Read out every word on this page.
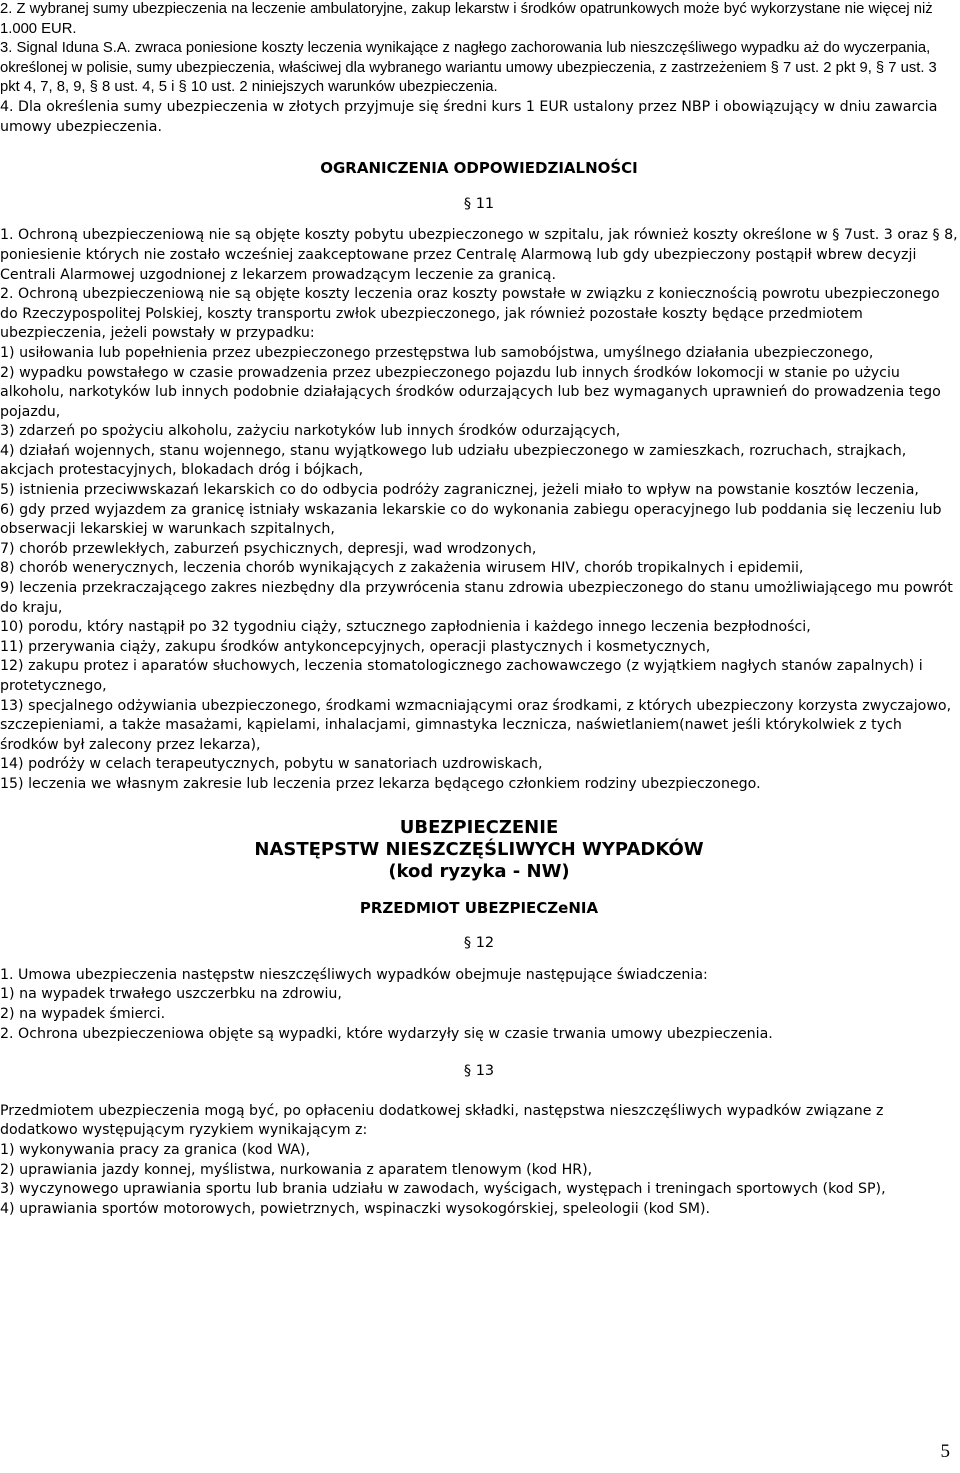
2. Z wybranej sumy ubezpieczenia na leczenie ambulatoryjne, zakup lekarstw i środków opatrunkowych może być wykorzystane nie więcej niż 1.000 EUR.

3. Signal Iduna S.A. zwraca poniesione koszty leczenia wynikające z nagłego zachorowania lub nieszczęśliwego wypadku aż do wyczerpania, określonej w polisie, sumy ubezpieczenia, właściwej dla wybranego wariantu umowy ubezpieczenia, z zastrzeżeniem § 7 ust. 2 pkt 9, § 7 ust. 3 pkt 4, 7, 8, 9, § 8 ust. 4, 5 i § 10 ust. 2 niniejszych warunków ubezpieczenia.

4. Dla określenia sumy ubezpieczenia w złotych przyjmuje się średni kurs 1 EUR ustalony przez NBP i obowiązujący w dniu zawarcia umowy ubezpieczenia.

OGRANICZENIA ODPOWIEDZIALNOŚCI

§ 11

1. Ochroną ubezpieczeniową nie są objęte koszty pobytu ubezpieczonego w szpitalu, jak również koszty określone w § 7ust. 3 oraz § 8, poniesienie których nie zostało wcześniej zaakceptowane przez Centralę Alarmową lub gdy ubezpieczony postąpił wbrew decyzji Centrali Alarmowej uzgodnionej z lekarzem prowadzącym leczenie za granicą.

2. Ochroną ubezpieczeniową nie są objęte koszty leczenia oraz koszty powstałe w związku z koniecznością powrotu ubezpieczonego do Rzeczypospolitej Polskiej, koszty transportu zwłok ubezpieczonego, jak również pozostałe koszty będące przedmiotem ubezpieczenia, jeżeli powstały w przypadku:

1) usiłowania lub popełnienia przez ubezpieczonego przestępstwa lub samobójstwa, umyślnego działania ubezpieczonego,

2) wypadku powstałego w czasie prowadzenia przez ubezpieczonego pojazdu lub innych środków lokomocji w stanie po użyciu alkoholu, narkotyków lub innych podobnie działających środków odurzających lub bez wymaganych uprawnień do prowadzenia tego pojazdu,

3) zdarzeń po spożyciu alkoholu, zażyciu narkotyków lub innych środków odurzających,

4) działań wojennych, stanu wojennego, stanu wyjątkowego lub udziału ubezpieczonego w zamieszkach, rozruchach, strajkach, akcjach protestacyjnych, blokadach dróg i bójkach,

5) istnienia przeciwwskazań lekarskich co do odbycia podróży zagranicznej, jeżeli miało to wpływ na powstanie kosztów leczenia,

6) gdy przed wyjazdem za granicę istniały wskazania lekarskie co do wykonania zabiegu operacyjnego lub poddania się leczeniu lub obserwacji lekarskiej w warunkach szpitalnych,

7) chorób przewlekłych, zaburzeń psychicznych, depresji, wad wrodzonych,

8) chorób wenerycznych, leczenia chorób wynikających z zakażenia wirusem HIV, chorób tropikalnych i epidemii,

9) leczenia przekraczającego zakres niezbędny dla przywrócenia stanu zdrowia ubezpieczonego do stanu umożliwiającego mu powrót do kraju,

10) porodu, który nastąpił po 32 tygodniu ciąży, sztucznego zapłodnienia i każdego innego leczenia bezpłodności,

11) przerywania ciąży, zakupu środków antykoncepcyjnych, operacji plastycznych i kosmetycznych,

12) zakupu protez i aparatów słuchowych, leczenia stomatologicznego zachowawczego (z wyjątkiem nagłych stanów zapalnych) i protetycznego,

13) specjalnego odżywiania ubezpieczonego, środkami wzmacniającymi oraz środkami, z których ubezpieczony korzysta zwyczajowo, szczepieniami, a także masażami, kąpielami, inhalacjami, gimnastyka lecznicza, naświetlaniem(nawet jeśli którykolwiek z tych środków był zalecony przez lekarza),

14) podróży w celach terapeutycznych, pobytu w sanatoriach uzdrowiskach,

15) leczenia we własnym zakresie lub leczenia przez lekarza będącego członkiem rodziny ubezpieczonego.

UBEZPIECZENIE

NASTĘPSTW NIESZCZĘŚLIWYCH WYPADKÓW

(kod ryzyka - NW)

PRZEDMIOT UBEZPIECZeNIA

§ 12

1. Umowa ubezpieczenia następstw nieszczęśliwych wypadków obejmuje następujące świadczenia:

1) na wypadek trwałego uszczerbku na zdrowiu,

2) na wypadek śmierci.

2. Ochrona ubezpieczeniowa objęte są wypadki, które wydarzyły się w czasie trwania umowy ubezpieczenia.

§ 13

Przedmiotem ubezpieczenia mogą być, po opłaceniu dodatkowej składki, następstwa nieszczęśliwych wypadków związane z dodatkowo występującym ryzykiem wynikającym z:

1) wykonywania pracy za granica (kod WA),

2) uprawiania jazdy konnej, myślistwa, nurkowania z aparatem tlenowym (kod HR),

3) wyczynowego uprawiania sportu lub brania udziału w zawodach, wyścigach, występach i treningach sportowych (kod SP),

4) uprawiania sportów motorowych, powietrznych, wspinaczki wysokogórskiej, speleologii (kod SM).

5
